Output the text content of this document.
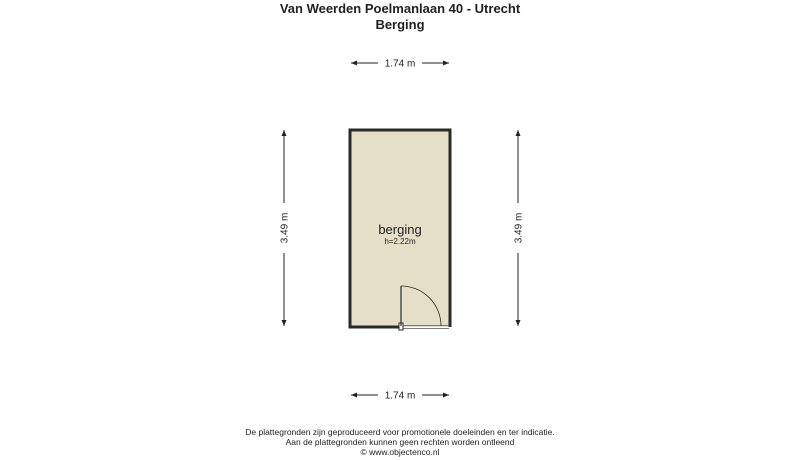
Van Weerden Poelmanlaan 40 - Utrecht
Berging
1.74 m
1.74 m
3.49 m	3.49 m
berging
h=2.22m
De plattegronden zijn geproduceerd voor promotionele doeleinden en ter indicatie.
Aan de plattegronden kunnen geen rechten worden ontleend
© www.objectenco.nl
